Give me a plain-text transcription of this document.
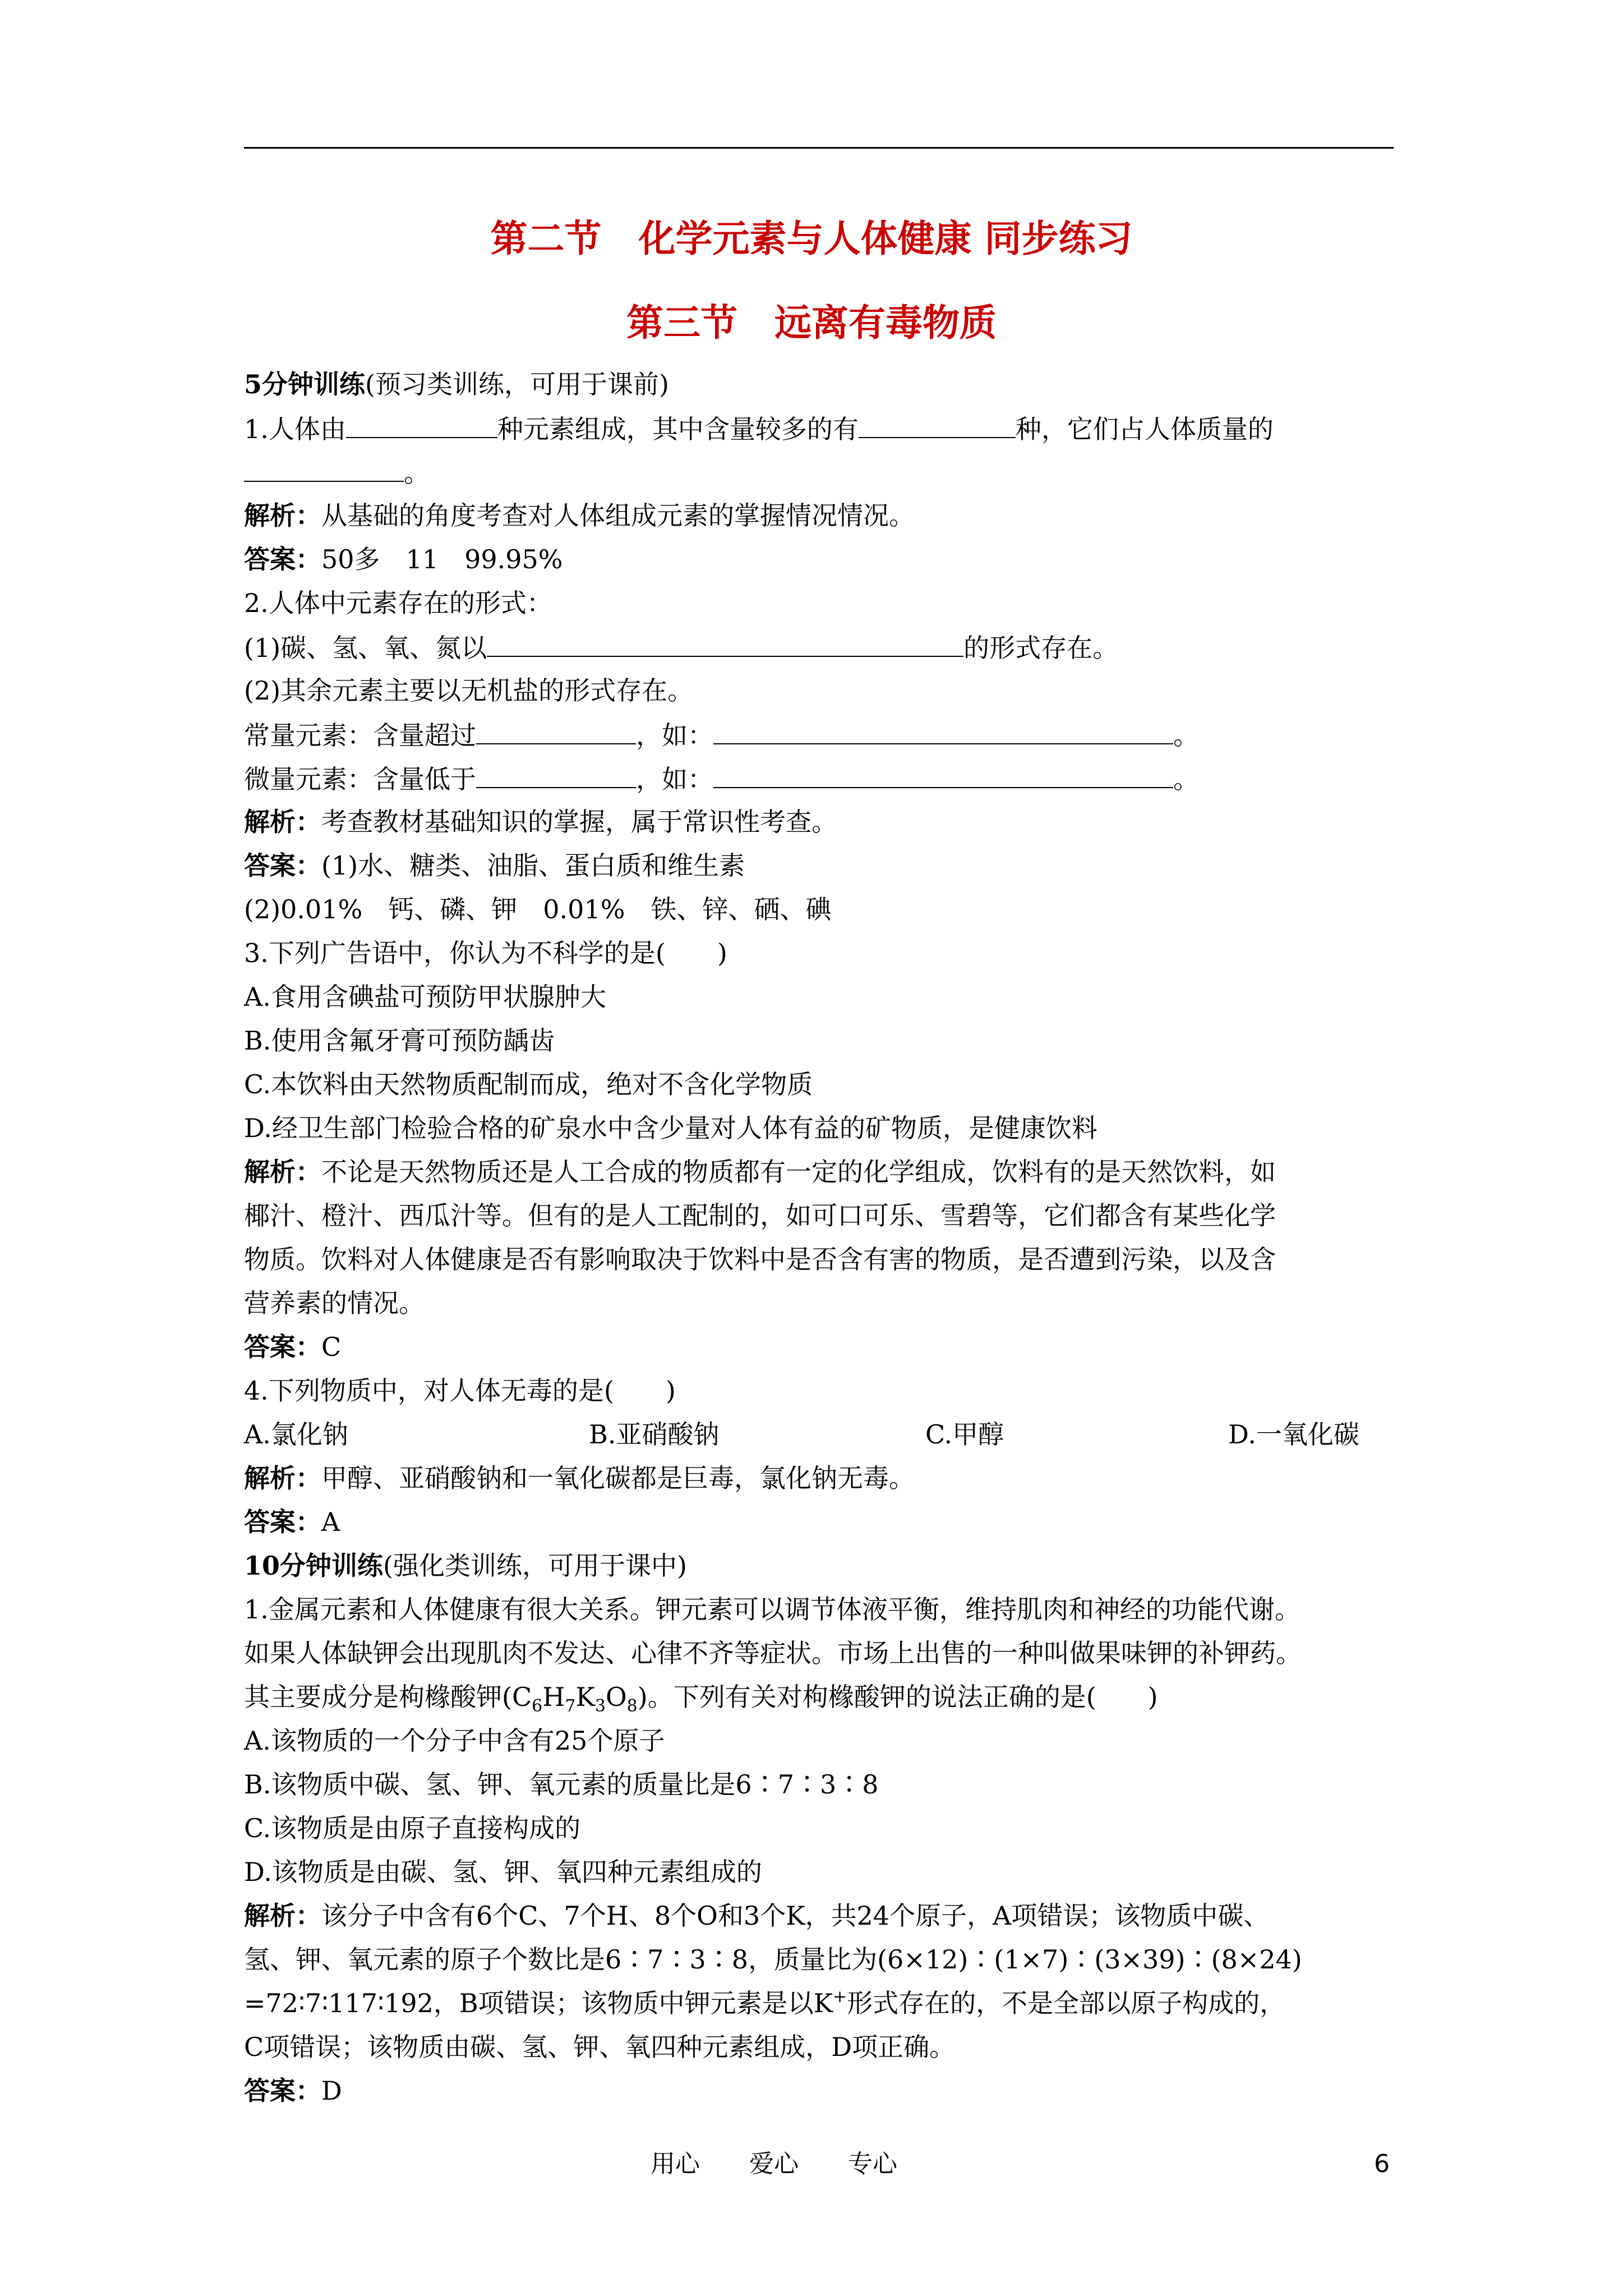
第二节　化学元素与人体健康 同步练习
第三节　远离有毒物质
5分钟训练(预习类训练，可用于课前)
1.人体由	种元素组成，其中含量较多的有	种，它们占人体质量的
。
解析：从基础的角度考查对人体组成元素的掌握情况情况。
答案：50多　11　99.95%
2.人体中元素存在的形式：
(1)碳、氢、氧、氮以	的形式存在。
(2)其余元素主要以无机盐的形式存在。
常量元素：含量超过	，如：	。
微量元素：含量低于	，如：	。
解析：考查教材基础知识的掌握，属于常识性考查。
答案：(1)水、糖类、油脂、蛋白质和维生素
(2)0.01%　钙、磷、钾　0.01%　铁、锌、硒、碘
3.下列广告语中，你认为不科学的是(　　)
A.食用含碘盐可预防甲状腺肿大
B.使用含氟牙膏可预防龋齿
C.本饮料由天然物质配制而成，绝对不含化学物质
D.经卫生部门检验合格的矿泉水中含少量对人体有益的矿物质，是健康饮料
解析：不论是天然物质还是人工合成的物质都有一定的化学组成，饮料有的是天然饮料，如
椰汁、橙汁、西瓜汁等。但有的是人工配制的，如可口可乐、雪碧等，它们都含有某些化学
物质。饮料对人体健康是否有影响取决于饮料中是否含有害的物质，是否遭到污染，以及含
营养素的情况。
答案：C
4.下列物质中，对人体无毒的是(　　)
A.氯化钠	B.亚硝酸钠	C.甲醇	D.一氧化碳
解析：甲醇、亚硝酸钠和一氧化碳都是巨毒，氯化钠无毒。
答案：A
10分钟训练(强化类训练，可用于课中)
1.金属元素和人体健康有很大关系。钾元素可以调节体液平衡，维持肌肉和神经的功能代谢。
如果人体缺钾会出现肌肉不发达、心律不齐等症状。市场上出售的一种叫做果味钾的补钾药。
其主要成分是枸橼酸钾$(C_6H_7K_3O_8)$。下列有关对枸橼酸钾的说法正确的是(　　)
A.该物质的一个分子中含有25个原子
B.该物质中碳、氢、钾、氧元素的质量比是6∶7∶3∶8
C.该物质是由原子直接构成的
D.该物质是由碳、氢、钾、氧四种元素组成的
解析：该分子中含有6个C、7个H、8个O和3个K，共24个原子，A项错误；该物质中碳、
氢、钾、氧元素的原子个数比是6∶7∶3∶8，质量比为(6×12)∶(1×7)∶(3×39)∶(8×24)
=72∶7∶117∶192，B项错误；该物质中钾元素是以K+形式存在的，不是全部以原子构成的，
C项错误；该物质由碳、氢、钾、氧四种元素组成，D项正确。
答案：D
用心　　爱心　　专心	6
